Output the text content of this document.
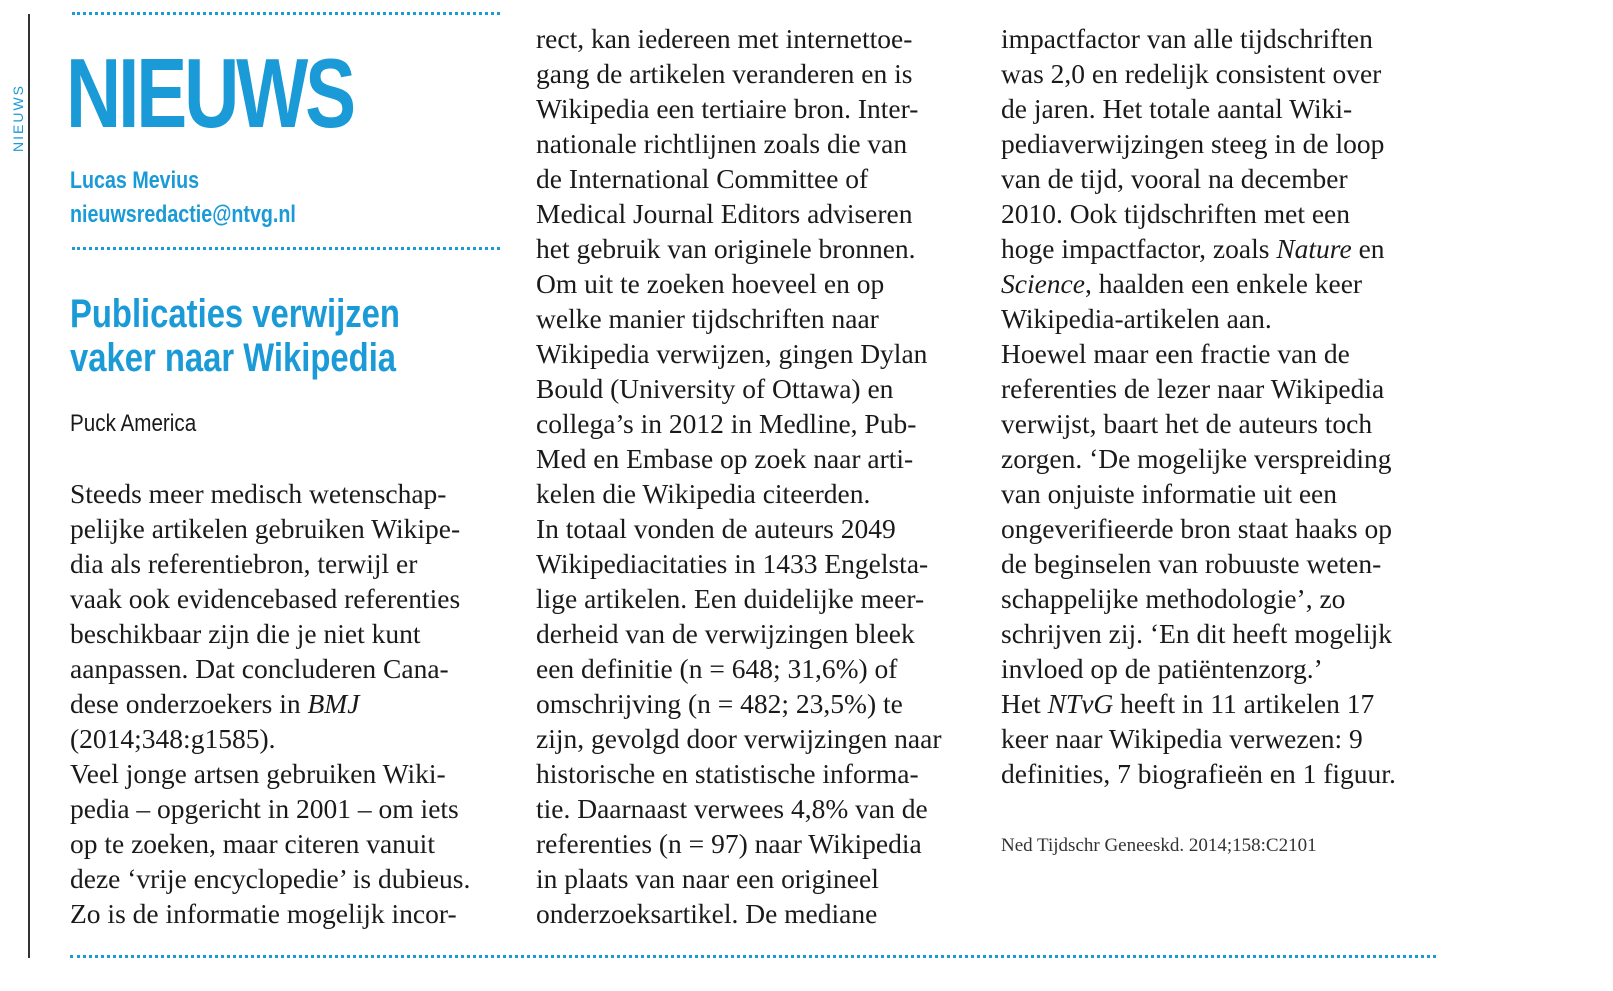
NIEUWS NIEUWS
Lucas Mevius
nieuwsredactie@ntvg.nl
Publicaties verwijzen
vaker naar Wikipedia
Puck America
Steeds meer medisch wetenschap-
pelijke artikelen gebruiken Wikipe-
dia als referentiebron, terwijl er
vaak ook evidencebased referenties
beschikbaar zijn die je niet kunt
aanpassen. Dat concluderen Cana-
dese onderzoekers in BMJ
(2014;348:g1585).
Veel jonge artsen gebruiken Wiki-
pedia – opgericht in 2001 – om iets
op te zoeken, maar citeren vanuit
deze ‘vrije encyclopedie’ is dubieus.
Zo is de informatie mogelijk incor-
rect, kan iedereen met internettoe-
gang de artikelen veranderen en is
Wikipedia een tertiaire bron. Inter-
nationale richtlijnen zoals die van
de International Committee of
Medical Journal Editors adviseren
het gebruik van originele bronnen.
Om uit te zoeken hoeveel en op
welke manier tijdschriften naar
Wikipedia verwijzen, gingen Dylan
Bould (University of Ottawa) en
collega’s in 2012 in Medline, Pub-
Med en Embase op zoek naar arti-
kelen die Wikipedia citeerden.
In totaal vonden de auteurs 2049
Wikipediacitaties in 1433 Engelsta-
lige artikelen. Een duidelijke meer-
derheid van de verwijzingen bleek
een definitie (n = 648; 31,6%) of
omschrijving (n = 482; 23,5%) te
zijn, gevolgd door verwijzingen naar
historische en statistische informa-
tie. Daarnaast verwees 4,8% van de
referenties (n = 97) naar Wikipedia
in plaats van naar een origineel
onderzoeksartikel. De mediane
impactfactor van alle tijdschriften
was 2,0 en redelijk consistent over
de jaren. Het totale aantal Wiki-
pediaverwijzingen steeg in de loop
van de tijd, vooral na december
2010. Ook tijdschriften met een
hoge impactfactor, zoals Nature en
Science, haalden een enkele keer
Wikipedia-artikelen aan.
Hoewel maar een fractie van de
referenties de lezer naar Wikipedia
verwijst, baart het de auteurs toch
zorgen. ‘De mogelijke verspreiding
van onjuiste informatie uit een
ongeverifieerde bron staat haaks op
de beginselen van robuuste weten-
schappelijke methodologie’, zo
schrijven zij. ‘En dit heeft mogelijk
invloed op de patiëntenzorg.’
Het NTvG heeft in 11 artikelen 17
keer naar Wikipedia verwezen: 9
definities, 7 biografieën en 1 figuur.
Ned Tijdschr Geneeskd. 2014;158:C2101
